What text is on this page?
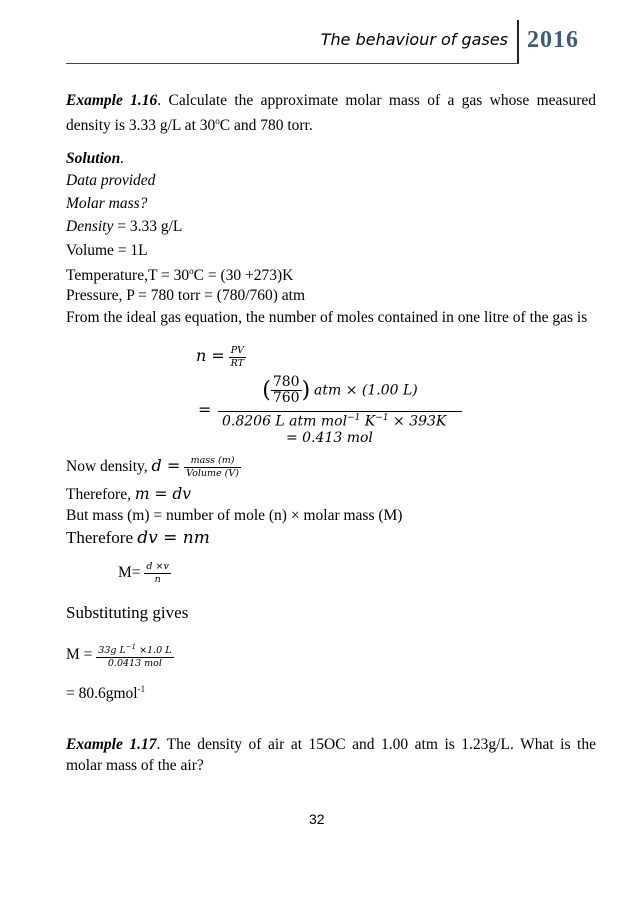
The behaviour of gases 2016
Example 1.16. Calculate the approximate molar mass of a gas whose measured density is 3.33 g/L at 30$^o$C and 780 torr.
Solution.
Data provided
Molar mass?
Density = 3.33 g/L
Volume = 1L
Temperature,T = $30^oC = (30 +273)K$
Pressure, P = 780 torr = (780/760) atm
From the ideal gas equation, the number of moles contained in one litre of the gas is
$n = \frac{PV}{RT}$
=
( $\frac{780}{760}$ ) atm × (1.00 L)
0.8206 L atm mol$^{-1}$ $K^{-1} \times 393K$
= 0.413 mol
Now density, $d = \frac{\text{mass (m)}}{\text{Volume (V)}}$
Therefore, m = dv
But mass (m) = number of mole (n) × molar mass (M)
Therefore dv = nm
$M= \frac{d \times v}{n}$
Substituting gives
$M = \frac{33g L^{-1} \times 1.0 L}{\text{0.0413 mol}}$
= 80.6gmol$^{-1}$
Example 1.17. The density of air at 15OC and 1.00 atm is 1.23g/L. What is the molar mass of the air?
32
